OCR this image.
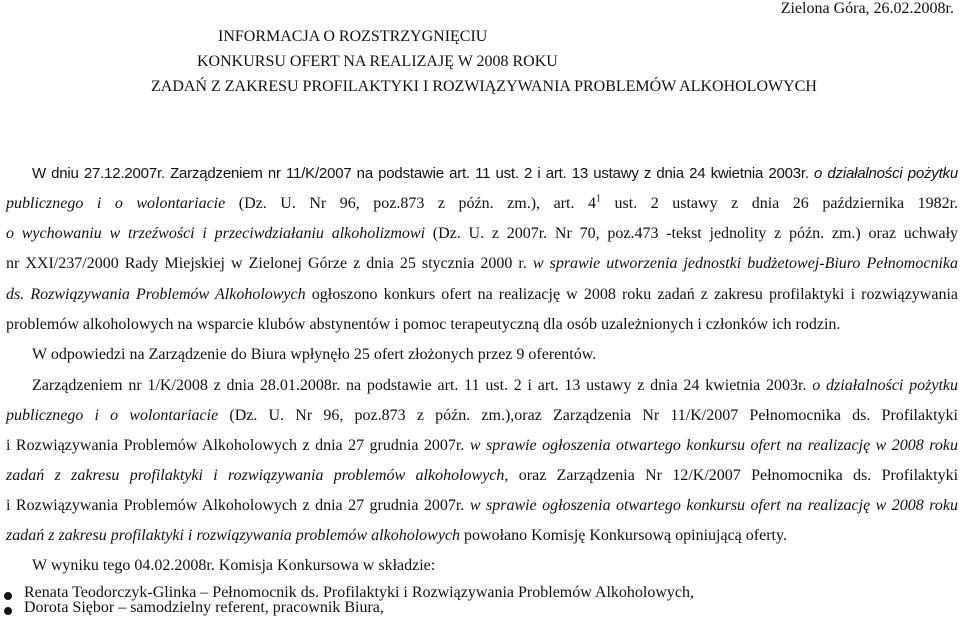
Zielona Góra, 26.02.2008r.
INFORMACJA O ROZSTRZYGNIĘCIU
KONKURSU OFERT NA REALIZAJĘ W 2008 ROKU
ZADAŃ Z ZAKRESU PROFILAKTYKI I ROZWIĄZYWANIA PROBLEMÓW ALKOHOLOWYCH
W dniu 27.12.2007r. Zarządzeniem nr 11/K/2007 na podstawie art. 11 ust. 2 i art. 13 ustawy z dnia 24 kwietnia 2003r. o działalności pożytku
publicznego i o wolontariacie (Dz. U. Nr 96, poz.873 z późn. zm.), art. $4^1$ ust. 2 ustawy z dnia 26 października 1982r.
o wychowaniu w trzeźwości i przeciwdziałaniu alkoholizmowi (Dz. U. z 2007r. Nr 70, poz.473 -tekst jednolity z późn. zm.) oraz uchwały
nr XXI/237/2000 Rady Miejskiej w Zielonej Górze z dnia 25 stycznia 2000 r. w sprawie utworzenia jednostki budżetowej-Biuro Pełnomocnika
ds. Rozwiązywania Problemów Alkoholowych ogłoszono konkurs ofert na realizację w 2008 roku zadań z zakresu profilaktyki i rozwiązywania
problemów alkoholowych na wsparcie klubów abstynentów i pomoc terapeutyczną dla osób uzależnionych i członków ich rodzin.
W odpowiedzi na Zarządzenie do Biura wpłynęło 25 ofert złożonych przez 9 oferentów.
Zarządzeniem nr 1/K/2008 z dnia 28.01.2008r. na podstawie art. 11 ust. 2 i art. 13 ustawy z dnia 24 kwietnia 2003r. o działalności pożytku
publicznego i o wolontariacie (Dz. U. Nr 96, poz.873 z późn. zm.),oraz Zarządzenia Nr 11/K/2007 Pełnomocnika ds. Profilaktyki
i Rozwiązywania Problemów Alkoholowych z dnia 27 grudnia 2007r. w sprawie ogłoszenia otwartego konkursu ofert na realizację w 2008 roku
zadań z zakresu profilaktyki i rozwiązywania problemów alkoholowych, oraz Zarządzenia Nr 12/K/2007 Pełnomocnika ds. Profilaktyki
i Rozwiązywania Problemów Alkoholowych z dnia 27 grudnia 2007r. w sprawie ogłoszenia otwartego konkursu ofert na realizację w 2008 roku
zadań z zakresu profilaktyki i rozwiązywania problemów alkoholowych powołano Komisję Konkursową opiniującą oferty.
W wyniku tego 04.02.2008r. Komisja Konkursowa w składzie:
Renata Teodorczyk-Glinka – Pełnomocnik ds. Profilaktyki i Rozwiązywania Problemów Alkoholowych,
Dorota Siębor – samodzielny referent, pracownik Biura,
